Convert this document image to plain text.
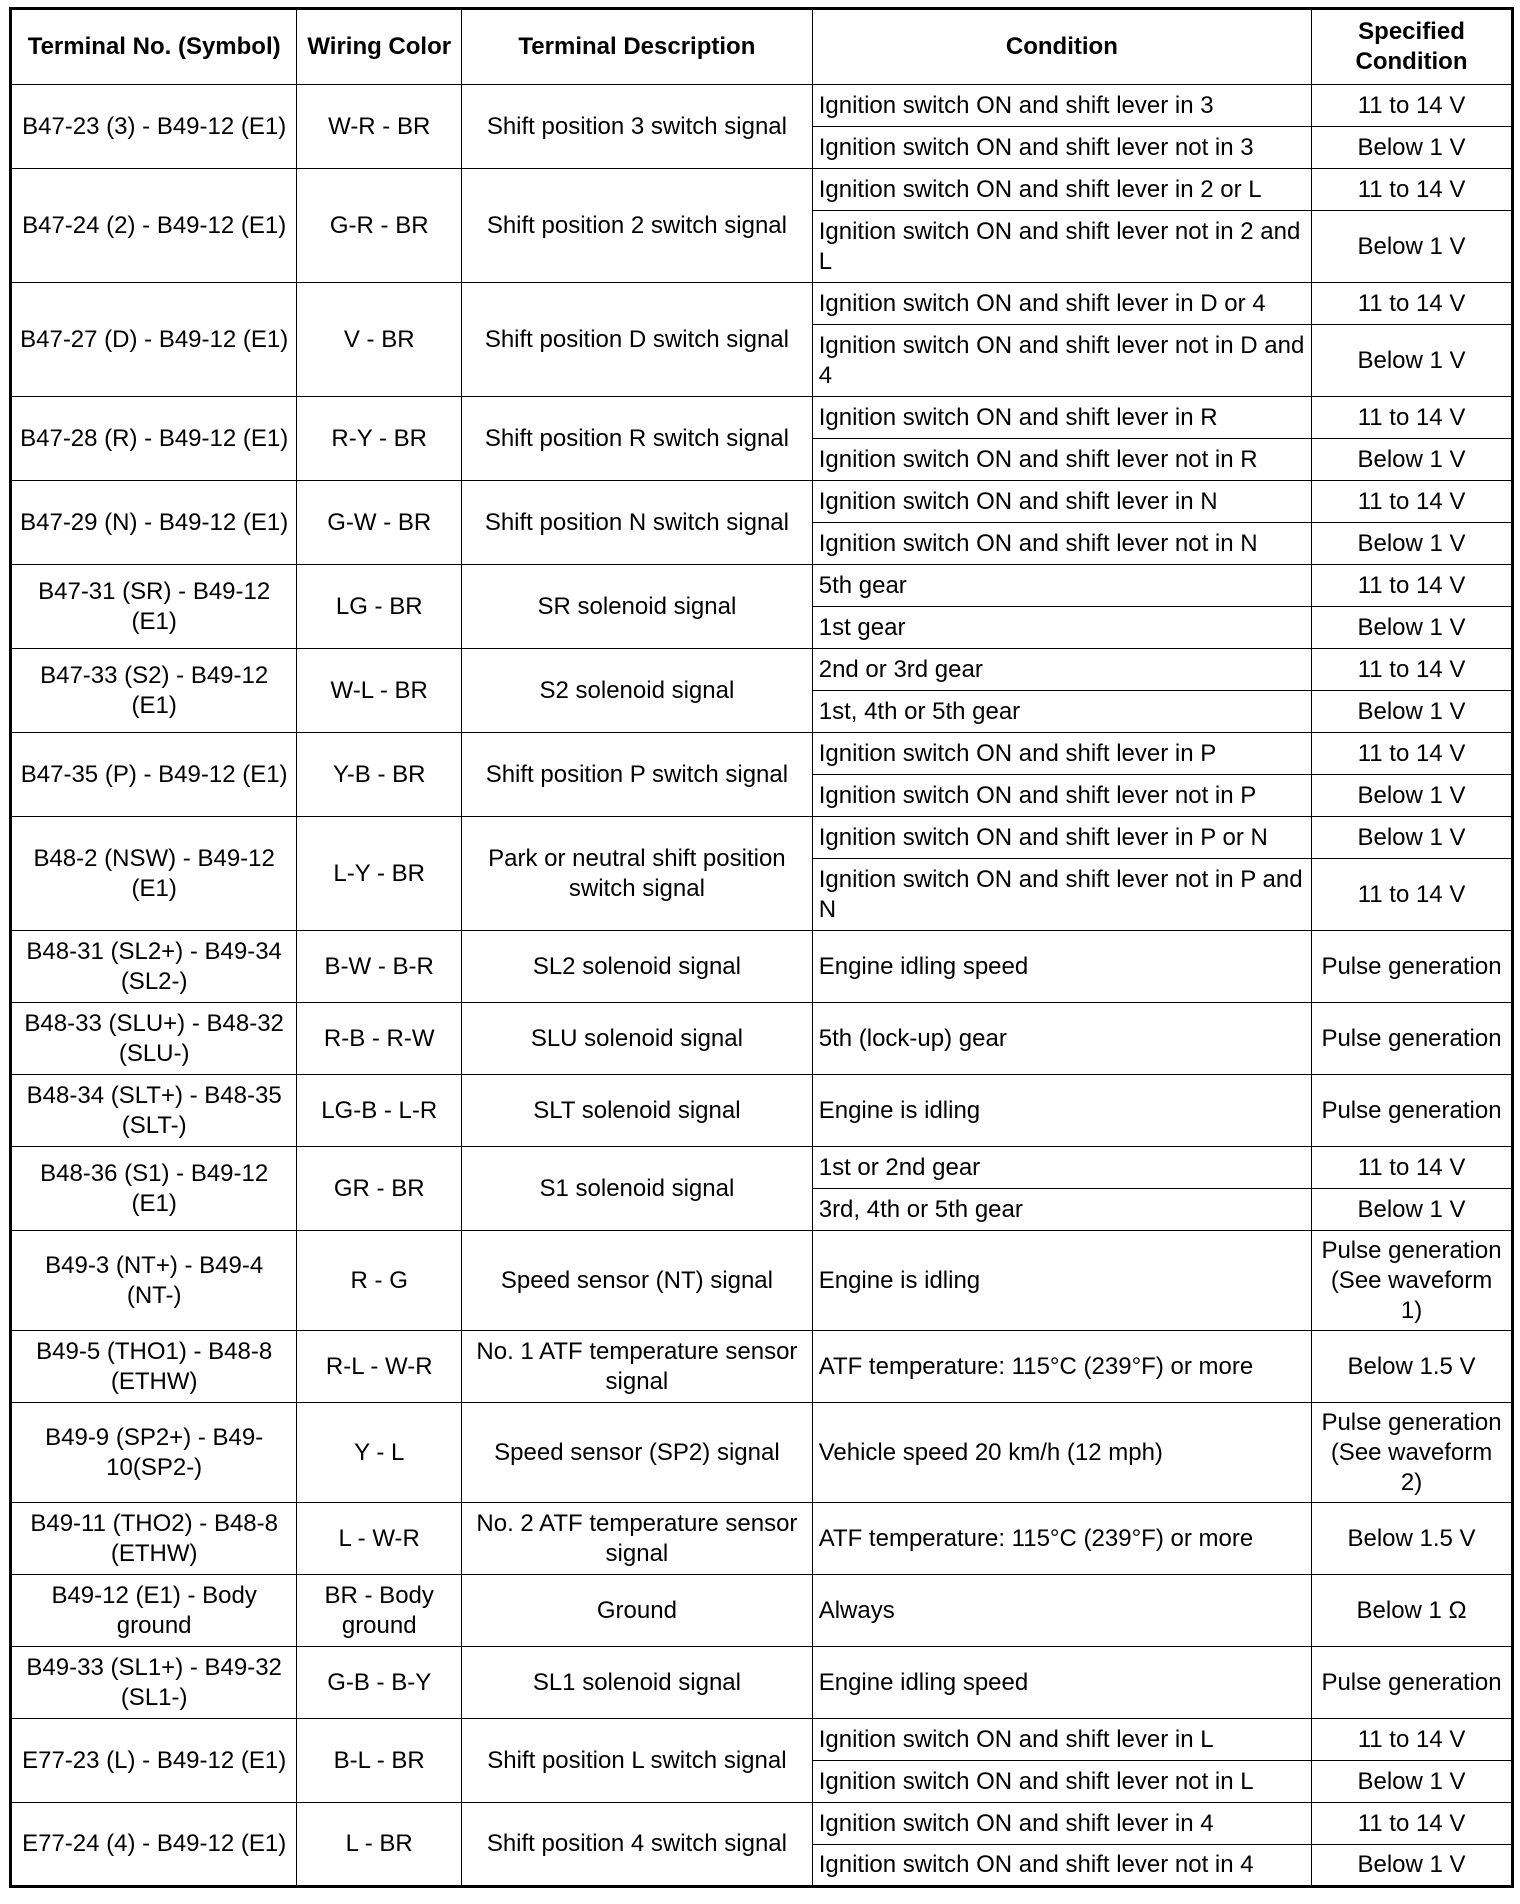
Terminal No. (Symbol)	Wiring Color	Terminal Description	Condition	Specified Condition
B47-23 (3) - B49-12 (E1)	W-R - BR	Shift position 3 switch signal	Ignition switch ON and shift lever in 3	11 to 14 V
			Ignition switch ON and shift lever not in 3	Below 1 V
B47-24 (2) - B49-12 (E1)	G-R - BR	Shift position 2 switch signal	Ignition switch ON and shift lever in 2 or L	11 to 14 V
			Ignition switch ON and shift lever not in 2 and L	Below 1 V
B47-27 (D) - B49-12 (E1)	V - BR	Shift position D switch signal	Ignition switch ON and shift lever in D or 4	11 to 14 V
			Ignition switch ON and shift lever not in D and 4	Below 1 V
B47-28 (R) - B49-12 (E1)	R-Y - BR	Shift position R switch signal	Ignition switch ON and shift lever in R	11 to 14 V
			Ignition switch ON and shift lever not in R	Below 1 V
B47-29 (N) - B49-12 (E1)	G-W - BR	Shift position N switch signal	Ignition switch ON and shift lever in N	11 to 14 V
			Ignition switch ON and shift lever not in N	Below 1 V
B47-31 (SR) - B49-12 (E1)	LG - BR	SR solenoid signal	5th gear	11 to 14 V
			1st gear	Below 1 V
B47-33 (S2) - B49-12 (E1)	W-L - BR	S2 solenoid signal	2nd or 3rd gear	11 to 14 V
			1st, 4th or 5th gear	Below 1 V
B47-35 (P) - B49-12 (E1)	Y-B - BR	Shift position P switch signal	Ignition switch ON and shift lever in P	11 to 14 V
			Ignition switch ON and shift lever not in P	Below 1 V
B48-2 (NSW) - B49-12 (E1)	L-Y - BR	Park or neutral shift position switch signal	Ignition switch ON and shift lever in P or N	Below 1 V
			Ignition switch ON and shift lever not in P and N	11 to 14 V
B48-31 (SL2+) - B49-34 (SL2-)	B-W - B-R	SL2 solenoid signal	Engine idling speed	Pulse generation
B48-33 (SLU+) - B48-32 (SLU-)	R-B - R-W	SLU solenoid signal	5th (lock-up) gear	Pulse generation
B48-34 (SLT+) - B48-35 (SLT-)	LG-B - L-R	SLT solenoid signal	Engine is idling	Pulse generation
B48-36 (S1) - B49-12 (E1)	GR - BR	S1 solenoid signal	1st or 2nd gear	11 to 14 V
			3rd, 4th or 5th gear	Below 1 V
B49-3 (NT+) - B49-4 (NT-)	R - G	Speed sensor (NT) signal	Engine is idling	Pulse generation (See waveform 1)
B49-5 (THO1) - B48-8 (ETHW)	R-L - W-R	No. 1 ATF temperature sensor signal	ATF temperature: 115°C (239°F) or more	Below 1.5 V
B49-9 (SP2+) - B49-10(SP2-)	Y - L	Speed sensor (SP2) signal	Vehicle speed 20 km/h (12 mph)	Pulse generation (See waveform 2)
B49-11 (THO2) - B48-8 (ETHW)	L - W-R	No. 2 ATF temperature sensor signal	ATF temperature: 115°C (239°F) or more	Below 1.5 V
B49-12 (E1) - Body ground	BR - Body ground	Ground	Always	Below 1 Ω
B49-33 (SL1+) - B49-32 (SL1-)	G-B - B-Y	SL1 solenoid signal	Engine idling speed	Pulse generation
E77-23 (L) - B49-12 (E1)	B-L - BR	Shift position L switch signal	Ignition switch ON and shift lever in L	11 to 14 V
			Ignition switch ON and shift lever not in L	Below 1 V
E77-24 (4) - B49-12 (E1)	L - BR	Shift position 4 switch signal	Ignition switch ON and shift lever in 4	11 to 14 V
			Ignition switch ON and shift lever not in 4	Below 1 V
